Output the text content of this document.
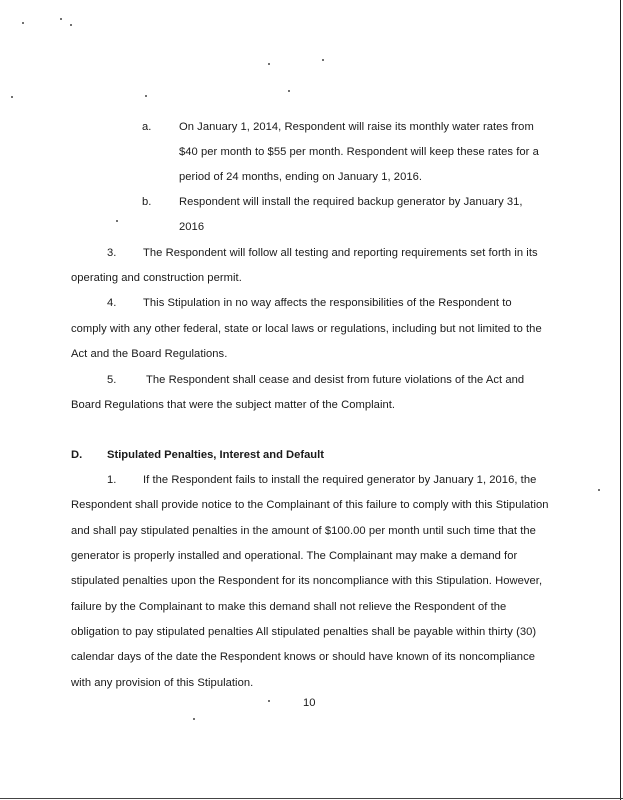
a. On January 1, 2014, Respondent will raise its monthly water rates from
$40 per month to $55 per month. Respondent will keep these rates for a
period of 24 months, ending on January 1, 2016.
b. Respondent will install the required backup generator by January 31,
2016
3. The Respondent will follow all testing and reporting requirements set forth in its
operating and construction permit.
4. This Stipulation in no way affects the responsibilities of the Respondent to
comply with any other federal, state or local laws or regulations, including but not limited to the
Act and the Board Regulations.
5.	The Respondent shall cease and desist from future violations of the Act and
Board Regulations that were the subject matter of the Complaint.
D. Stipulated Penalties, Interest and Default
1. If the Respondent fails to install the required generator by January 1, 2016, the
Respondent shall provide notice to the Complainant of this failure to comply with this Stipulation
and shall pay stipulated penalties in the amount of $100.00 per month until such time that the
generator is properly installed and operational. The Complainant may make a demand for
stipulated penalties upon the Respondent for its noncompliance with this Stipulation. However,
failure by the Complainant to make this demand shall not relieve the Respondent of the
obligation to pay stipulated penalties All stipulated penalties shall be payable within thirty (30)
calendar days of the date the Respondent knows or should have known of its noncompliance
with any provision of this Stipulation.
10
